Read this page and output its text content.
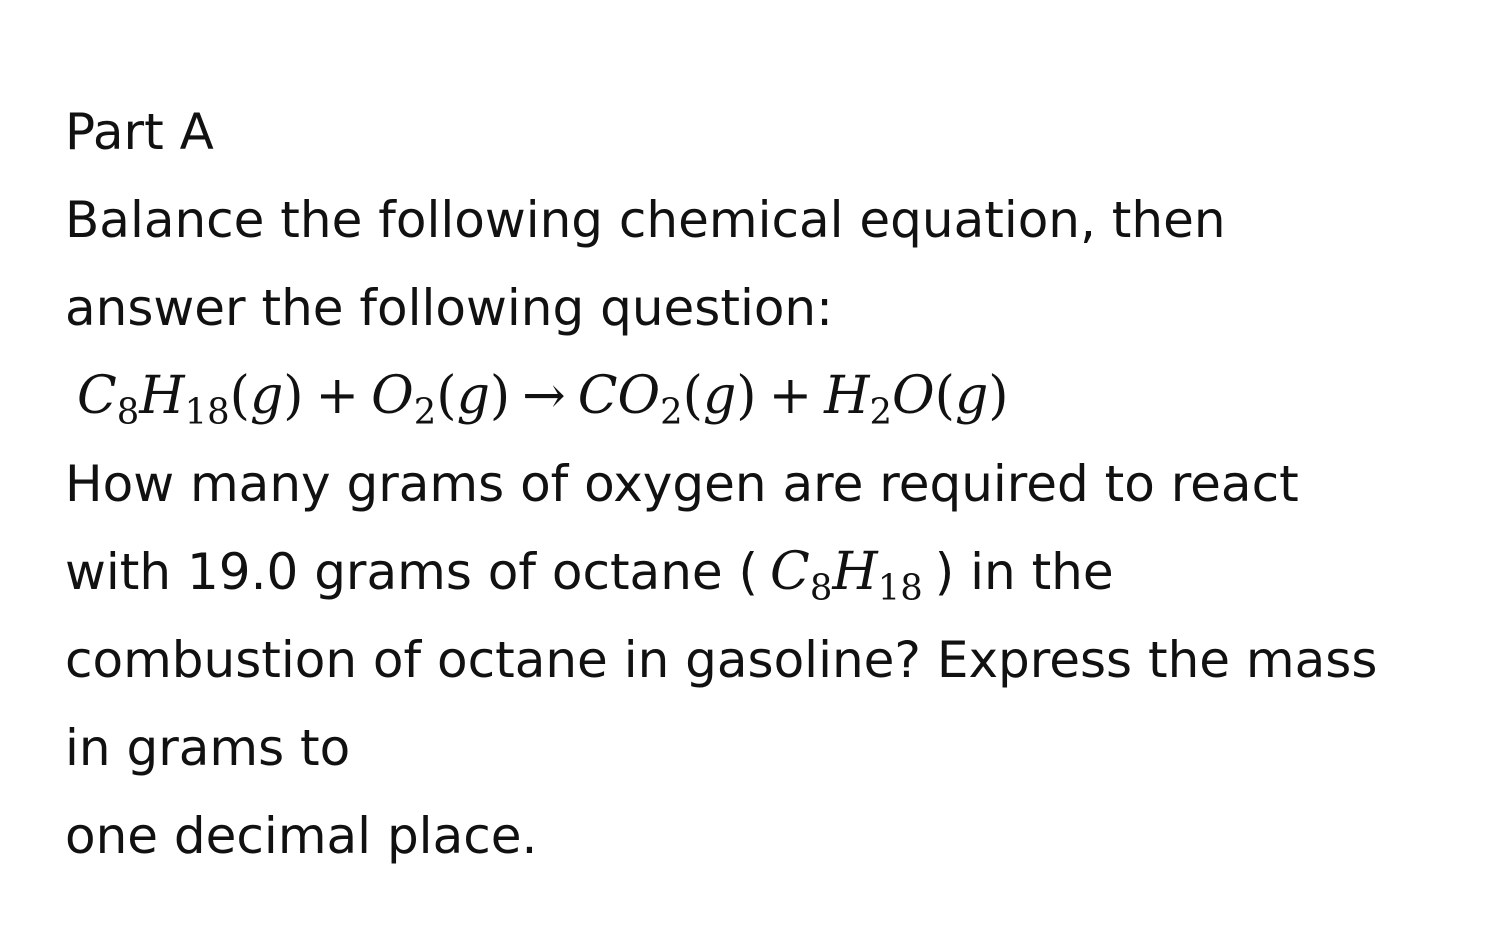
Part A
Balance the following chemical equation, then
answer the following question:
$C_8H_{18}(g) + O_2(g) \to CO_2(g) + H_2O(g)$
How many grams of oxygen are required to react
with 19.0 grams of octane ( $C_8H_{18}$ ) in the
combustion of octane in gasoline? Express the mass
in grams to
one decimal place.
